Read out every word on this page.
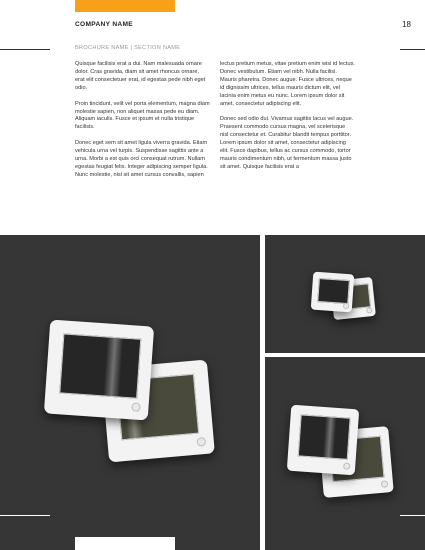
COMPANY NAME	18
BROCHURE NAME | SECTION NAME

Quisque facilisis erat a dui. Nam malesuada ornare dolor. Cras gravida, diam sit amet rhoncus ornare, erat elit consectetuer erat, id egestas pede nibh eget odio.

Proin tincidunt, velit vel porta elementum, magna diam molestie sapien, non aliquet massa pede eu diam. Aliquam iaculis. Fusce et ipsum et nulla tristique facilisis.

Donec eget sem sit amet ligula viverra gravida. Etiam vehicula urna vel turpis. Suspendisse sagittis ante a urna. Morbi a est quis orci consequat rutrum. Nullam egestas feugiat felis. Integer adipiscing semper ligula. Nunc molestie, nisl sit amet cursus convallis, sapien

lectus pretium metus, vitae pretium enim wisi id lectus. Donec vestibulum. Etiam vel nibh. Nulla facilisi. Mauris pharetra. Donec augue. Fusce ultrices, neque id dignissim ultrices, tellus mauris dictum elit, vel lacinia enim metus eu nunc. Lorem ipsum dolor sit amet, consectetur adipiscing elit.

Donec sed odio dui. Vivamus sagittis lacus vel augue. Praesent commodo cursus magna, vel scelerisque nisl consectetur et. Curabitur blandit tempus porttitor. Lorem ipsum dolor sit amet, consectetur adipiscing elit. Fusce dapibus, tellus ac cursus commodo, tortor mauris condimentum nibh, ut fermentum massa justo sit amet. Quisque facilisis erat a
